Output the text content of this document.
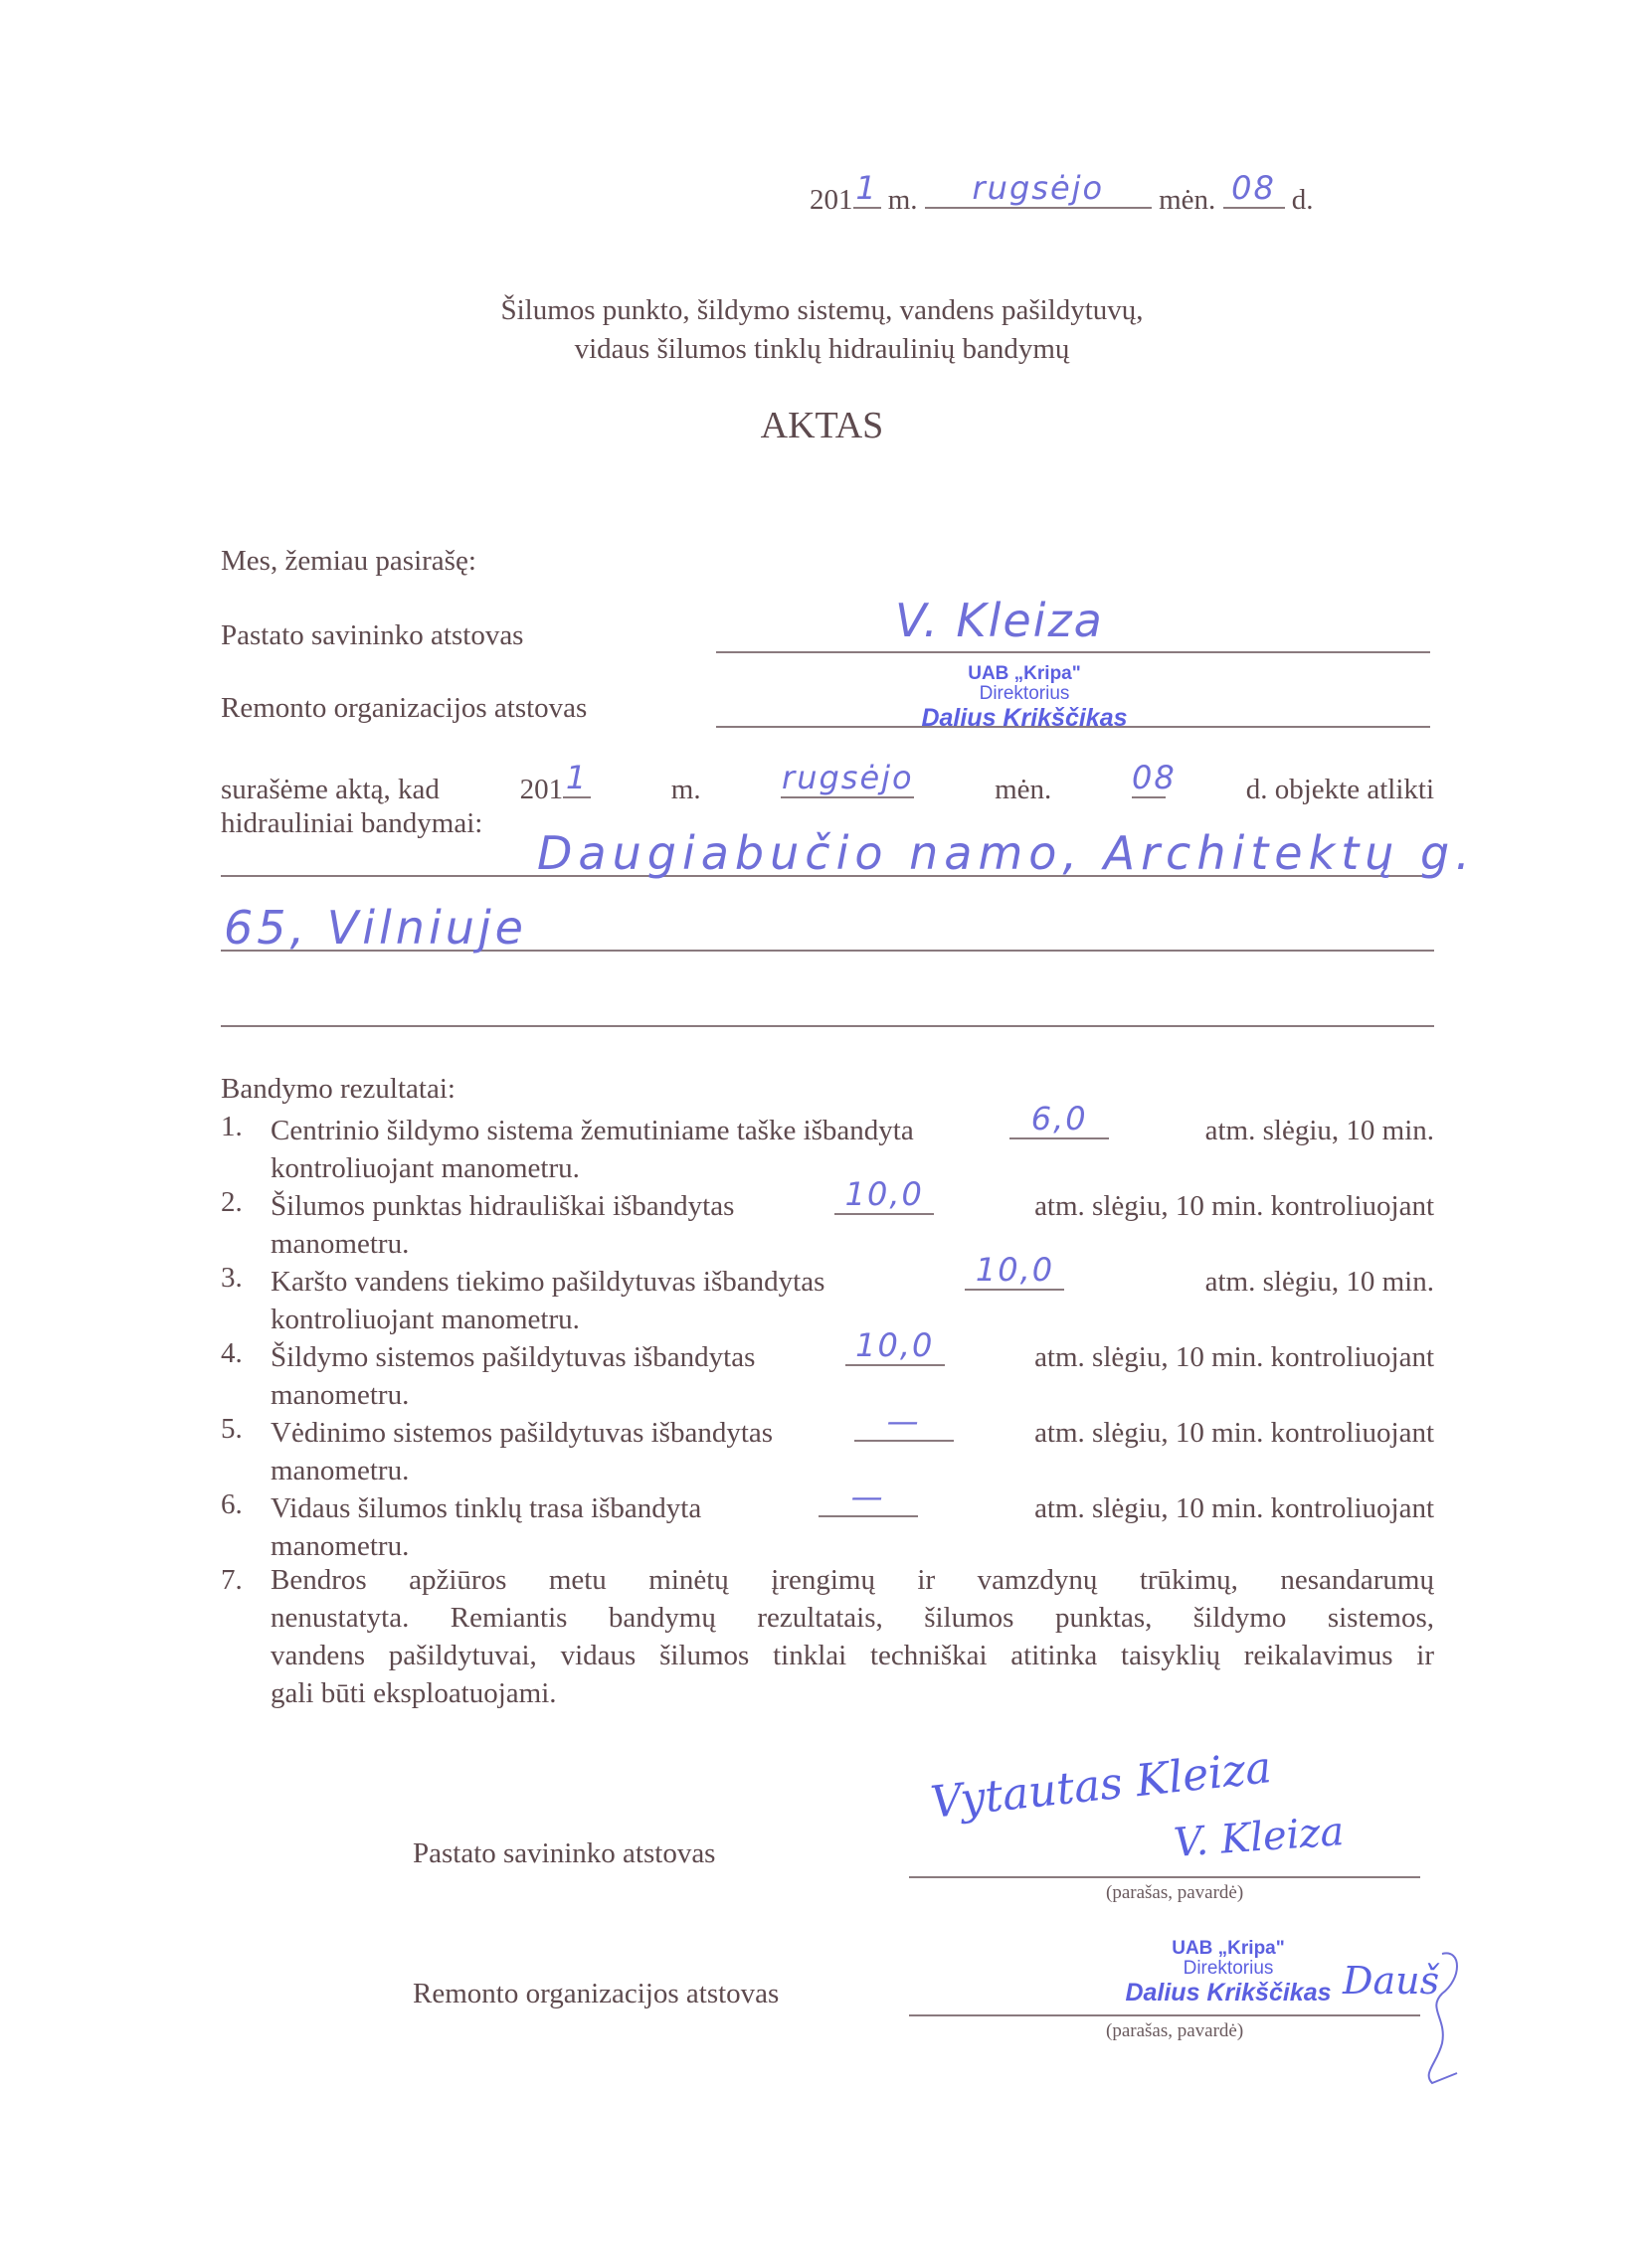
201 1 m.	rugsėjo	mėn. 08 d.
Šilumos punkto, šildymo sistemų, vandens pašildytuvų,
vidaus šilumos tinklų hidraulinių bandymų
AKTAS
Mes, žemiau pasirašę:
Pastato savininko atstovas	V. Kleiza
Remonto organizacijos atstovas
UAB „Kripa"
Direktorius
Dalius Krikščikas
surašėme aktą, kad	201 1	m.	rugsėjo	mėn.	08 d. objekte atlikti
hidrauliniai bandymai:
Daugiabučio namo, Architektų g.
65, Vilniuje
Bandymo rezultatai:
1. Centrinio šildymo sistema žemutiniame taške išbandyta	6,0	atm. slėgiu, 10 min.
kontroliuojant manometru.
2. Šilumos punktas hidrauliškai išbandytas	10,0	atm. slėgiu, 10 min. kontroliuojant
manometru.
3. Karšto vandens tiekimo pašildytuvas išbandytas	10,0	atm. slėgiu, 10 min.
kontroliuojant manometru.
4. Šildymo sistemos pašildytuvas išbandytas	10,0	atm. slėgiu, 10 min. kontroliuojant
manometru.
5. Vėdinimo sistemos pašildytuvas išbandytas	—	atm. slėgiu, 10 min. kontroliuojant
manometru.
6. Vidaus šilumos tinklų trasa išbandyta	—	atm. slėgiu, 10 min. kontroliuojant
manometru.
7. Bendros apžiūros metu minėtų įrengimų ir vamzdynų trūkimų, nesandarumų
nenustatyta. Remiantis bandymų rezultatais, šilumos punktas, šildymo sistemos,
vandens pašildytuvai, vidaus šilumos tinklai techniškai atitinka taisyklių reikalavimus ir
gali būti eksploatuojami.
Pastato savininko atstovas
Vytautas Kleiza
V. Kleiza
(parašas, pavardė)
Remonto organizacijos atstovas
UAB „Kripa"
Direktorius
Dalius Krikščikas Dauš
(parašas, pavardė)
